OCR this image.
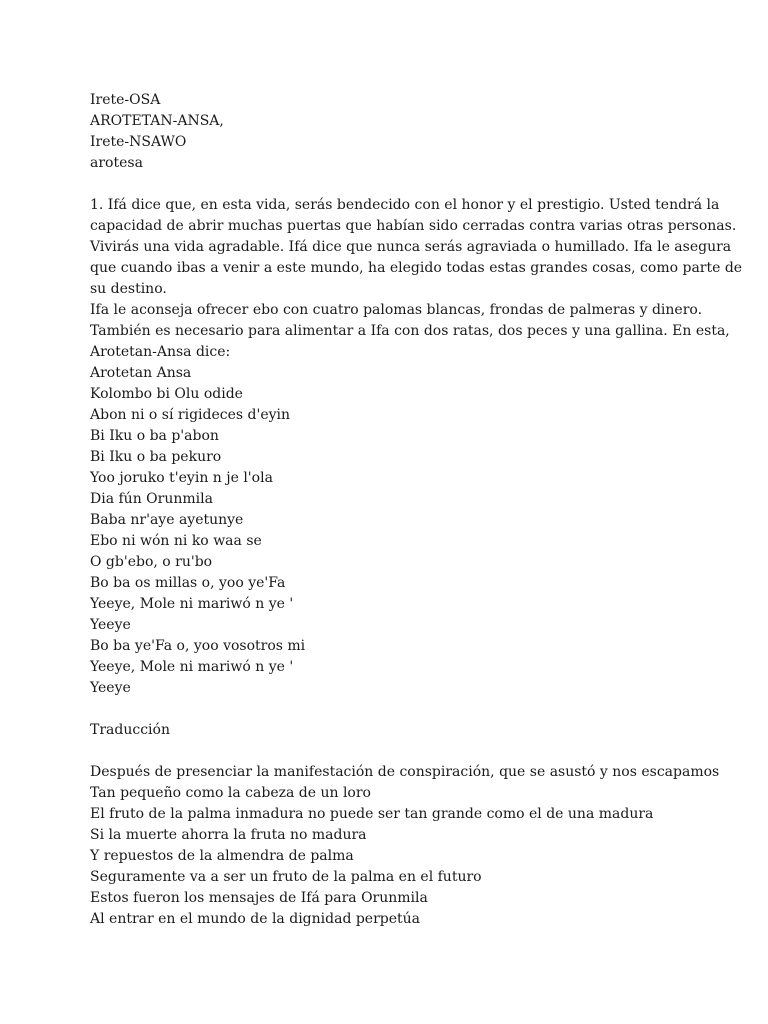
Irete-OSA
AROTETAN-ANSA,
Irete-NSAWO
arotesa
1. Ifá dice que, en esta vida, serás bendecido con el honor y el prestigio. Usted tendrá la
capacidad de abrir muchas puertas que habían sido cerradas contra varias otras personas.
Vivirás una vida agradable. Ifá dice que nunca serás agraviada o humillado. Ifa le asegura
que cuando ibas a venir a este mundo, ha elegido todas estas grandes cosas, como parte de
su destino.
Ifa le aconseja ofrecer ebo con cuatro palomas blancas, frondas de palmeras y dinero.
También es necesario para alimentar a Ifa con dos ratas, dos peces y una gallina. En esta,
Arotetan-Ansa dice:
Arotetan Ansa
Kolombo bi Olu odide
Abon ni o sí rigideces d'eyin
Bi Iku o ba p'abon
Bi Iku o ba pekuro
Yoo joruko t'eyin n je l'ola
Dia fún Orunmila
Baba nr'aye ayetunye
Ebo ni wón ni ko waa se
O gb'ebo, o ru'bo
Bo ba os millas o, yoo ye'Fa
Yeeye, Mole ni mariwó n ye '
Yeeye
Bo ba ye'Fa o, yoo vosotros mi
Yeeye, Mole ni mariwó n ye '
Yeeye
Traducción
Después de presenciar la manifestación de conspiración, que se asustó y nos escapamos
Tan pequeño como la cabeza de un loro
El fruto de la palma inmadura no puede ser tan grande como el de una madura
Si la muerte ahorra la fruta no madura
Y repuestos de la almendra de palma
Seguramente va a ser un fruto de la palma en el futuro
Estos fueron los mensajes de Ifá para Orunmila
Al entrar en el mundo de la dignidad perpetúa
